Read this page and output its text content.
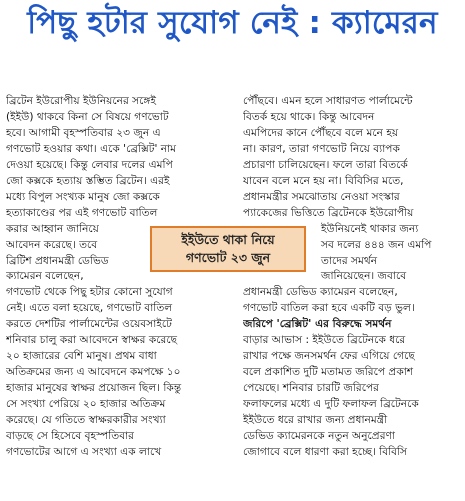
পিছু হটার সুযোগ নেই : ক্যামেরন

ব্রিটেন ইউরোপীয় ইউনিয়নের সঙ্গেই

(ইইউ) থাকবে কিনা সে বিষয়ে গণভোট

হবে। আগামী বৃহস্পতিবার ২৩ জুন এ

গণভোট হওয়ার কথা। একে 'ব্রেক্সিট' নাম

দেওয়া হয়েছে। কিন্তু লেবার দলের এমপি

জো কক্সকে হত্যায় স্তম্ভিত ব্রিটেন। এরই

মধ্যে বিপুল সংখ্যক মানুষ জো কক্সকে

হত্যাকাণ্ডের পর এই গণভোট বাতিল

করার আহ্বান জানিয়ে

আবেদন করেছে। তবে

ব্রিটিশ প্রধানমন্ত্রী ডেভিড

ক্যামেরন বলেছেন,

গণভোট থেকে পিছু হটার কোনো সুযোগ

নেই। এতে বলা হয়েছে, গণভোট বাতিল

করতে দেশটির পার্লামেন্টের ওয়েবসাইটে

শনিবার চালু করা আবেদনে স্বাক্ষর করেছে

২০ হাজারের বেশি মানুষ। প্রথম বাধা

অতিক্রমের জন্য এ আবেদনে কমপক্ষে ১০

হাজার মানুষের স্বাক্ষর প্রয়োজন ছিল। কিন্তু

সে সংখ্যা পেরিয়ে ২০ হাজার অতিক্রম

করেছে। যে গতিতে স্বাক্ষরকারীর সংখ্যা

বাড়ছে সে হিসেবে বৃহস্পতিবার

গণভোটের আগে এ সংখ্যা এক লাখে

পৌঁছবে। এমন হলে সাধারণত পার্লামেন্টে

বিতর্ক হয়ে থাকে। কিন্তু আবেদন

এমপিদের কানে পৌঁছবে বলে মনে হয়

না। কারণ, তারা গণভোট নিয়ে ব্যাপক

প্রচারণা চালিয়েছেন। ফলে তারা বিতর্কে

যাবেন বলে মনে হয় না। বিবিসির মতে,

প্রধানমন্ত্রীর সমঝোতায় নেওয়া সংস্কার

প্যাকেজের ভিত্তিতে ব্রিটেনকে ইউরোপীয়

ইউনিয়নেই থাকার জন্য

সব দলের ৪৪৪ জন এমপি

তাদের সমর্থন

জানিয়েছেন। জবাবে

প্রধানমন্ত্রী ডেভিড ক্যামেরন বলেছেন,

গণভোট বাতিল করা হবে একটি বড় ভুল।

জরিপে 'ব্রেক্সিট' এর বিরুদ্ধে সমর্থন

বাড়ার আভাস : ইইউতে ব্রিটেনকে ধরে

রাখার পক্ষে জনসমর্থন ফের এগিয়ে গেছে

বলে প্রকাশিত দুটি মতামত জরিপে প্রকাশ

পেয়েছে। শনিবার চারটি জরিপের

ফলাফলের মধ্যে এ দুটি ফলাফল ব্রিটেনকে

ইইউতে ধরে রাখার জন্য প্রধানমন্ত্রী

ডেভিড ক্যামেরনকে নতুন অনুপ্রেরণা

জোগাবে বলে ধারণা করা হচ্ছে। বিবিসি

ইইউতে থাকা নিয়ে
গণভোট ২৩ জুন
